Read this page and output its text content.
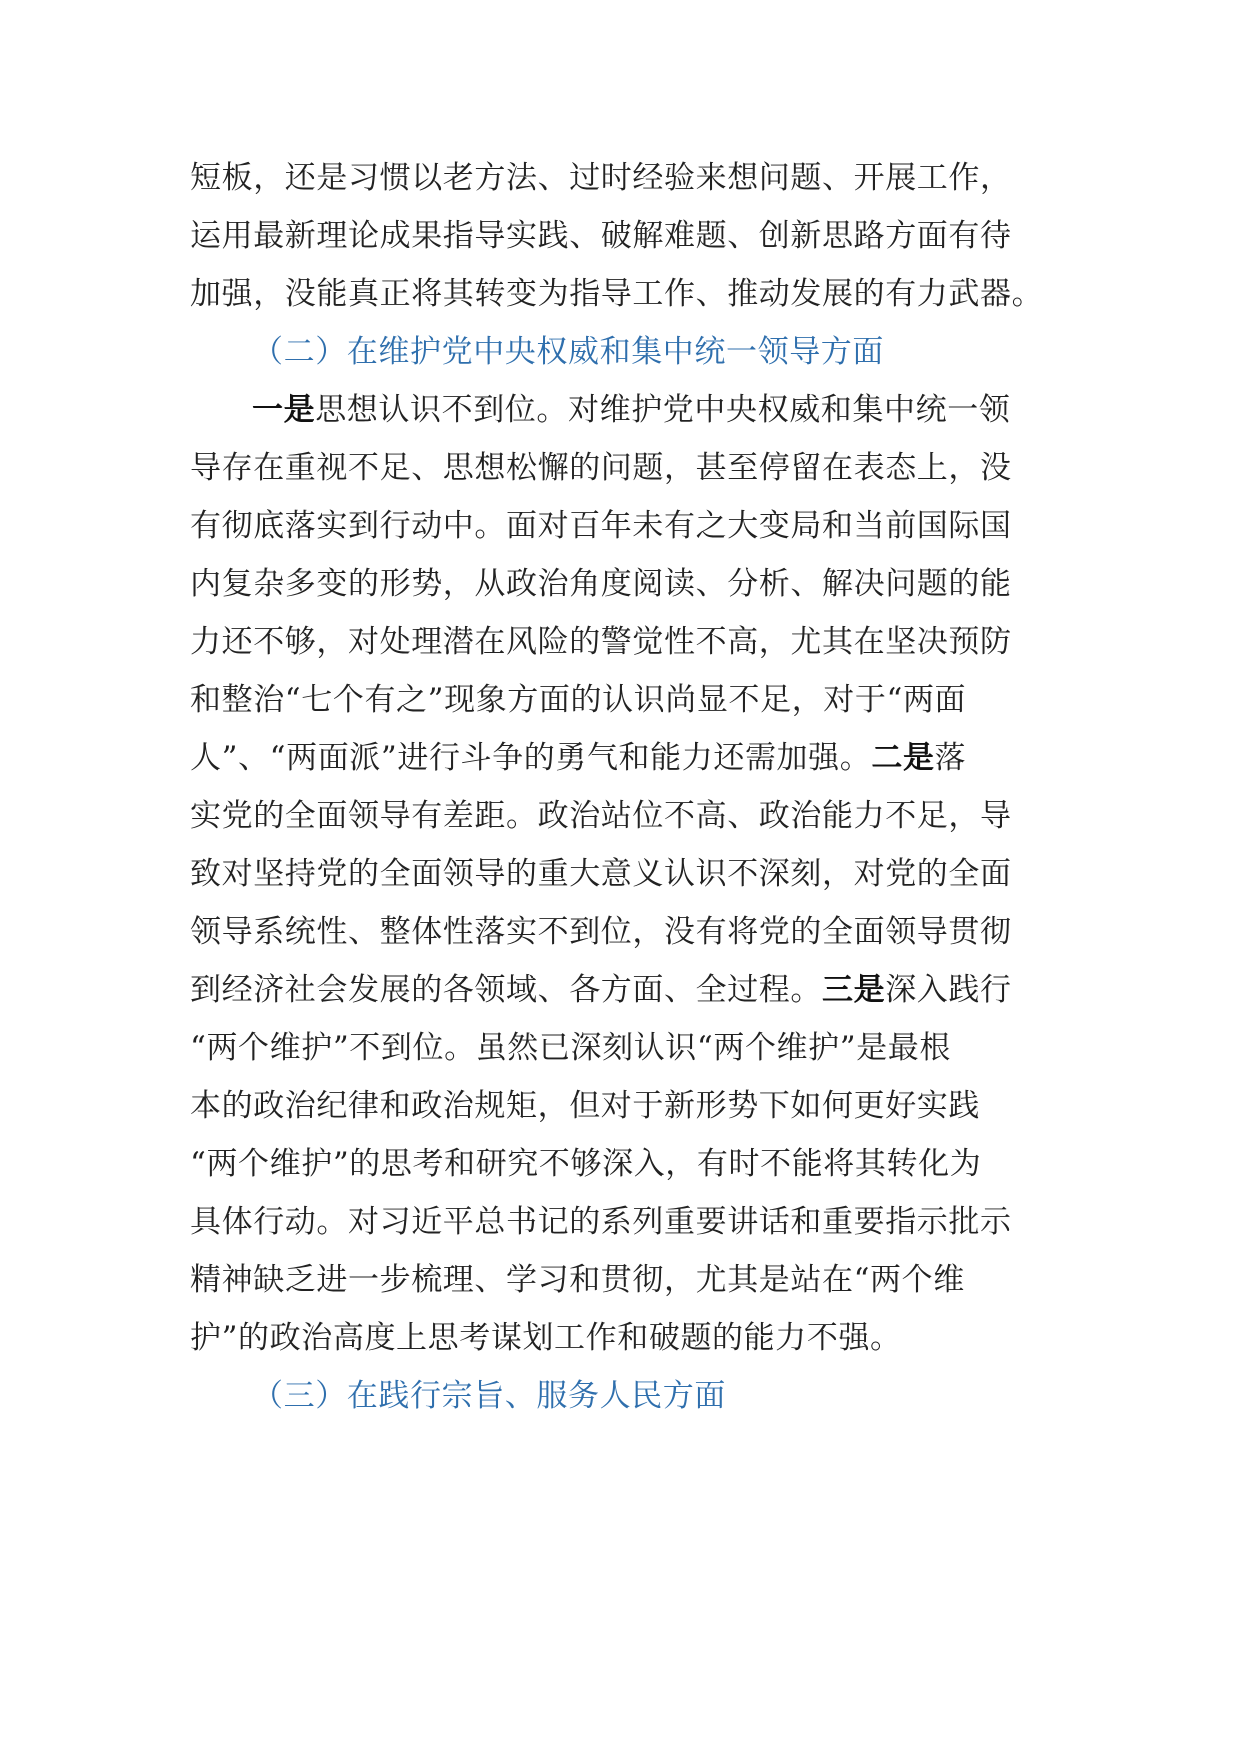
短板，还是习惯以老方法、过时经验来想问题、开展工作，
运用最新理论成果指导实践、破解难题、创新思路方面有待
加强，没能真正将其转变为指导工作、推动发展的有力武器。
（二）在维护党中央权威和集中统一领导方面
一是思想认识不到位。对维护党中央权威和集中统一领
导存在重视不足、思想松懈的问题，甚至停留在表态上，没
有彻底落实到行动中。面对百年未有之大变局和当前国际国
内复杂多变的形势，从政治角度阅读、分析、解决问题的能
力还不够，对处理潜在风险的警觉性不高，尤其在坚决预防
和整治“七个有之”现象方面的认识尚显不足，对于“两面
人”、“两面派”进行斗争的勇气和能力还需加强。二是落
实党的全面领导有差距。政治站位不高、政治能力不足，导
致对坚持党的全面领导的重大意义认识不深刻，对党的全面
领导系统性、整体性落实不到位，没有将党的全面领导贯彻
到经济社会发展的各领域、各方面、全过程。三是深入践行
“两个维护”不到位。虽然已深刻认识“两个维护”是最根
本的政治纪律和政治规矩，但对于新形势下如何更好实践
“两个维护”的思考和研究不够深入，有时不能将其转化为
具体行动。对习近平总书记的系列重要讲话和重要指示批示
精神缺乏进一步梳理、学习和贯彻，尤其是站在“两个维
护”的政治高度上思考谋划工作和破题的能力不强。
（三）在践行宗旨、服务人民方面
